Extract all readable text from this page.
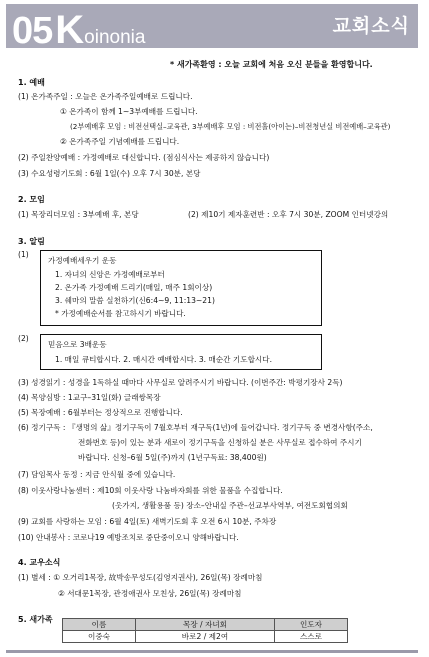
05 K oinonia
교회소식
* 새가족환영 : 오늘 교회에 처음 오신 분들을 환영합니다.
1. 예배
(1) 온가족주일 : 오늘은 온가족주일예배로 드립니다.
① 온가족이 함께 1~3부예배를 드립니다.
(2부예배후 모임 : 비전선택실–교육관, 3부예배후 모임 : 비전홀(아이는)–비전청년실 비전예배–교육관)
② 온가족주일 기념예배를 드립니다.
(2) 주일찬양예배 : 가정예배로 대신합니다. (점심식사는 제공하지 않습니다)
(3) 수요성령기도회 : 6월 1일(수) 오후 7시 30분, 본당
2. 모임
(1) 목장리더모임 : 3부예배 후, 본당	(2) 제10기 제자훈련반 : 오후 7시 30분, ZOOM 인터넷강의
3. 알림
(1)
가정예배세우기 운동
1. 자녀의 신앙은 가정예배로부터
2. 온가족 가정예배 드리기(매일, 매주 1회이상)
3. 쉐마의 말씀 실천하기(신6:4~9, 11:13~21)
* 가정예배순서를 참고하시기 바랍니다.
(2)
믿음으로 3배운동
1. 매일 큐티합시다. 2. 매시간 예배합시다. 3. 매순간 기도합시다.
(3) 성경읽기 : 성경을 1독하실 때마다 사무실로 알려주시기 바랍니다. (이번주간: 박평기장사 2독)
(4) 목양심방 : 1교구–31일(화) 글래쌍목장
(5) 목장예배 : 6월부터는 정상적으로 진행합니다.
(6) 정기구독 : 『생명의 삶』정기구독이 7월호부터 재구독(1년)에 들어갑니다. 정기구독 중 변경사항(주소,
전화번호 등)이 있는 분과 새로이 정기구독을 신청하실 분은 사무실로 접수하여 주시기
바랍니다. 신청–6월 5일(주)까지 (1년구독료: 38,400원)
(7) 담임목사 동정 : 지금 안식월 중에 있습니다.
(8) 이웃사랑나눔센터 : 제10회 이웃사랑 나눔바자회를 위한 물품을 수집합니다.
(옷가지, 생활용품 등) 장소–안내실 주관–선교부사역부, 여전도회협의회
(9) 교회를 사랑하는 모임 : 6월 4일(토) 새벽기도회 후 오전 6시 10분, 주차장
(10) 안내봉사 : 코로나19 예방조치로 중단중이오니 양해바랍니다.
4. 교우소식
(1) 별세 : ① 오거리1목장, 故박송무성도(김영지권사), 26일(목) 장례마침
② 서대문1목장, 관정애권사 모친상, 26일(목) 장례마침
5. 새가족
이름	목장 / 자녀회	인도자
이중숙	바로2 / 제2여	스스로
